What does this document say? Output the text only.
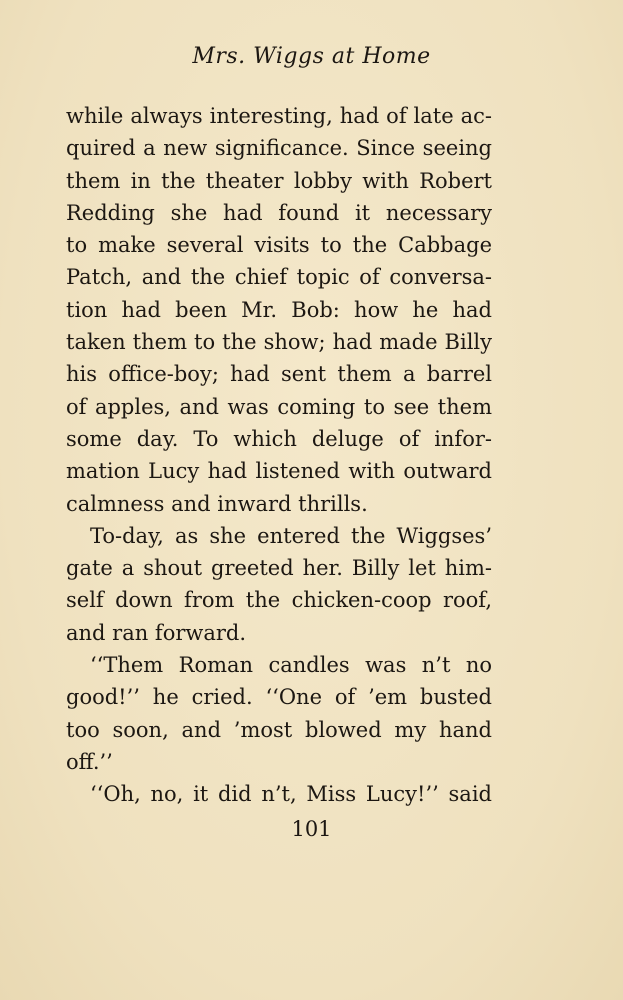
Mrs. Wiggs at Home
while always interesting, had of late ac-
quired a new significance. Since seeing
them in the theater lobby with Robert
Redding she had found it necessary
to make several visits to the Cabbage
Patch, and the chief topic of conversa-
tion had been Mr. Bob: how he had
taken them to the show; had made Billy
his office-boy; had sent them a barrel
of apples, and was coming to see them
some day. To which deluge of infor-
mation Lucy had listened with outward
calmness and inward thrills.
To-day, as she entered the Wiggses’
gate a shout greeted her. Billy let him-
self down from the chicken-coop roof,
and ran forward.
‘‘Them Roman candles was n’t no
good!’’ he cried. ‘‘One of ’em busted
too soon, and ’most blowed my hand
off.’’
‘‘Oh, no, it did n’t, Miss Lucy!’’ said
101
